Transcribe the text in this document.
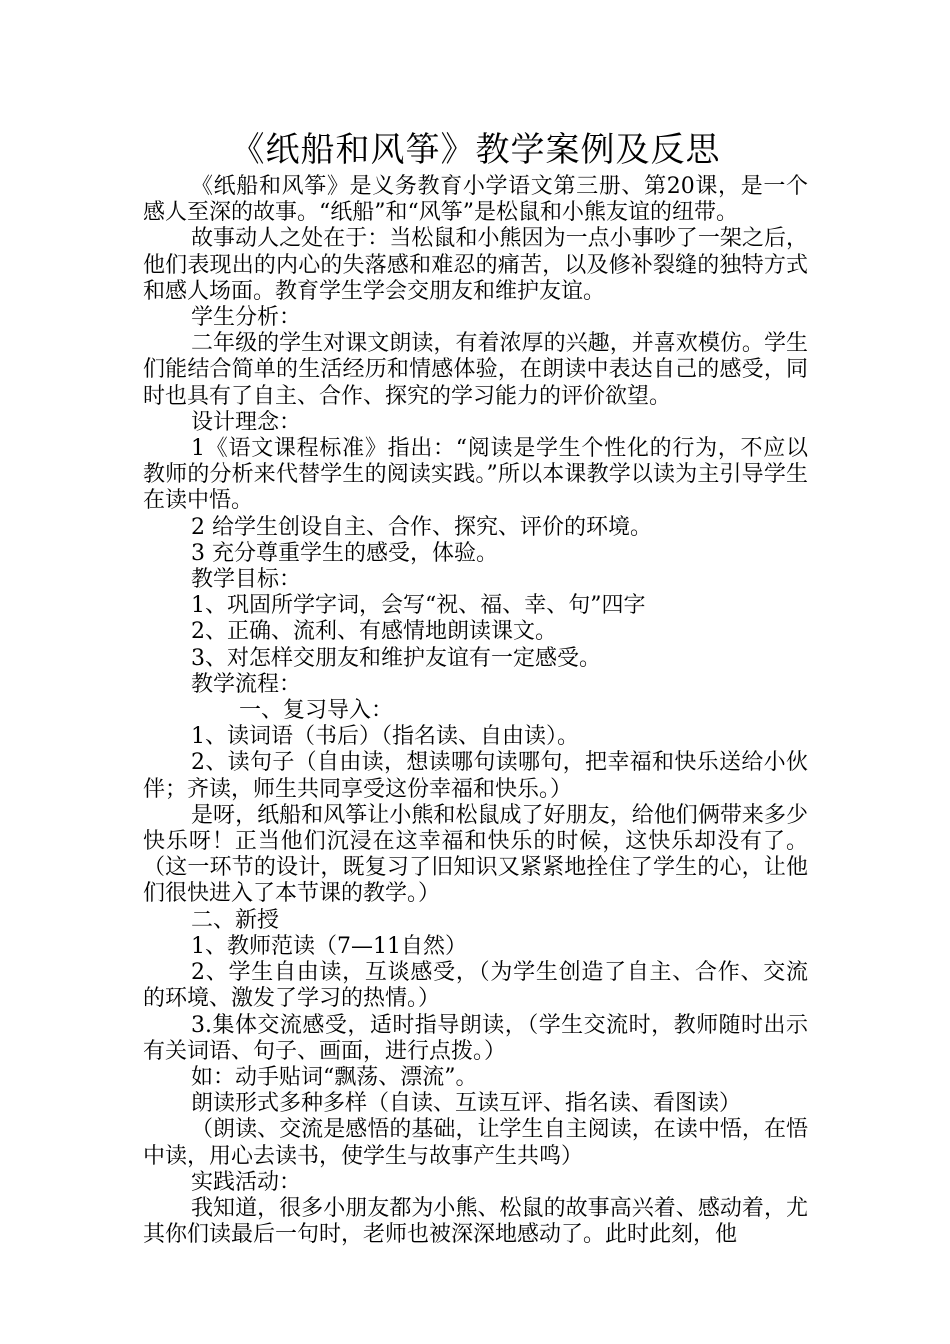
《纸船和风筝》教学案例及反思

《纸船和风筝》是义务教育小学语文第三册、第20课，是一个感人至深的故事。“纸船”和“风筝”是松鼠和小熊友谊的纽带。

故事动人之处在于：当松鼠和小熊因为一点小事吵了一架之后，他们表现出的内心的失落感和难忍的痛苦，以及修补裂缝的独特方式和感人场面。教育学生学会交朋友和维护友谊。

学生分析：

二年级的学生对课文朗读，有着浓厚的兴趣，并喜欢模仿。学生们能结合简单的生活经历和情感体验，在朗读中表达自己的感受，同时也具有了自主、合作、探究的学习能力的评价欲望。

设计理念：

1《语文课程标准》指出：“阅读是学生个性化的行为，不应以教师的分析来代替学生的阅读实践。”所以本课教学以读为主引导学生在读中悟。

2 给学生创设自主、合作、探究、评价的环境。

3 充分尊重学生的感受，体验。

教学目标：

1、巩固所学字词，会写“祝、福、幸、句”四字

2、正确、流利、有感情地朗读课文。

3、对怎样交朋友和维护友谊有一定感受。

教学流程：

一、复习导入：

1、读词语（书后）（指名读、自由读）。

2、读句子（自由读，想读哪句读哪句，把幸福和快乐送给小伙伴；齐读，师生共同享受这份幸福和快乐。）

是呀，纸船和风筝让小熊和松鼠成了好朋友，给他们俩带来多少快乐呀！正当他们沉浸在这幸福和快乐的时候，这快乐却没有了。（这一环节的设计，既复习了旧知识又紧紧地拴住了学生的心，让他们很快进入了本节课的教学。）

二、新授

1、教师范读（7—11自然）

2、学生自由读，互谈感受，（为学生创造了自主、合作、交流的环境、激发了学习的热情。）

3.集体交流感受，适时指导朗读，（学生交流时，教师随时出示有关词语、句子、画面，进行点拨。）

如：动手贴词“飘荡、漂流”。

朗读形式多种多样（自读、互读互评、指名读、看图读）

（朗读、交流是感悟的基础，让学生自主阅读，在读中悟，在悟中读，用心去读书，使学生与故事产生共鸣）

实践活动：

我知道，很多小朋友都为小熊、松鼠的故事高兴着、感动着，尤其你们读最后一句时，老师也被深深地感动了。此时此刻，他
